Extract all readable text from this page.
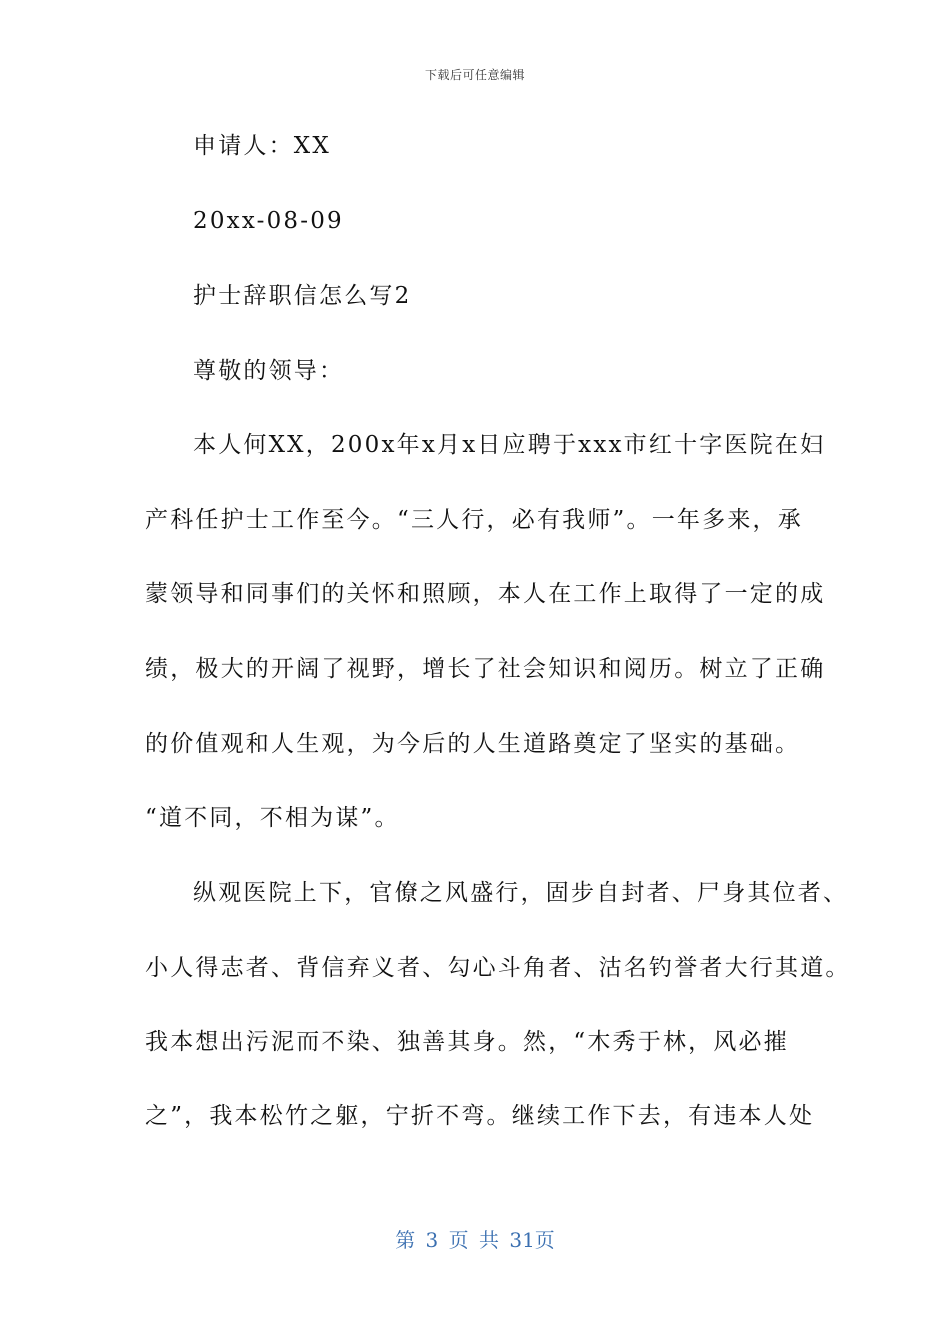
下载后可任意编辑
申请人：XX
20xx-08-09
护士辞职信怎么写2
尊敬的领导：
本人何XX，200x年x月x日应聘于xxx市红十字医院在妇
产科任护士工作至今。“三人行，必有我师”。一年多来，承
蒙领导和同事们的关怀和照顾，本人在工作上取得了一定的成
绩，极大的开阔了视野，增长了社会知识和阅历。树立了正确
的价值观和人生观，为今后的人生道路奠定了坚实的基础。
“道不同，不相为谋”。
纵观医院上下，官僚之风盛行，固步自封者、尸身其位者、
小人得志者、背信弃义者、勾心斗角者、沽名钓誉者大行其道。
我本想出污泥而不染、独善其身。然，“木秀于林，风必摧
之”，我本松竹之躯，宁折不弯。继续工作下去，有违本人处
第 3 页 共 31页
